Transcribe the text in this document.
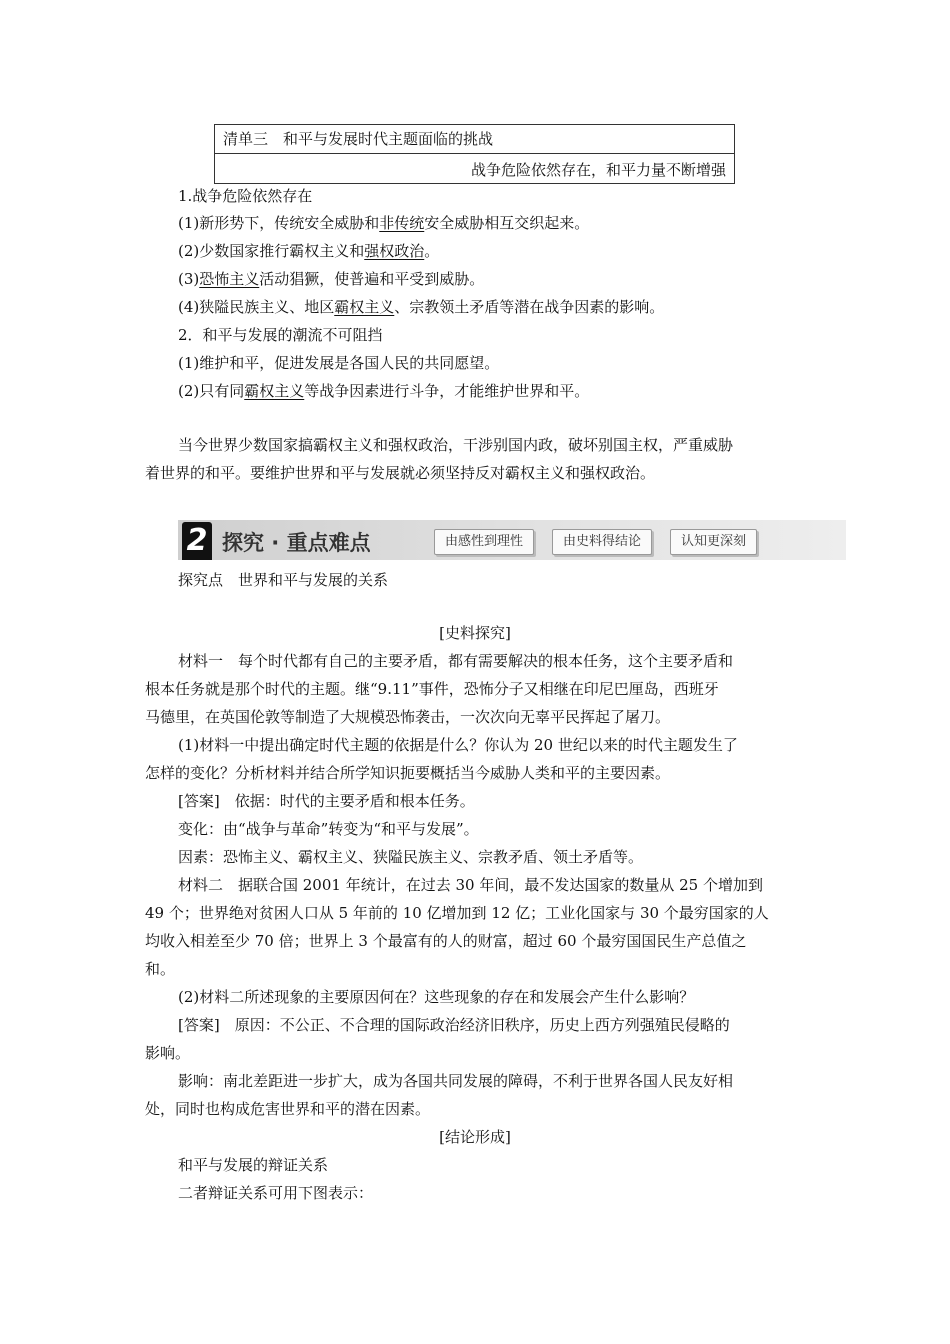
清单三　和平与发展时代主题面临的挑战
战争危险依然存在，和平力量不断增强
1.战争危险依然存在
(1)新形势下，传统安全威胁和非传统安全威胁相互交织起来。
(2)少数国家推行霸权主义和强权政治。
(3)恐怖主义活动猖獗，使普遍和平受到威胁。
(4)狭隘民族主义、地区霸权主义、宗教领土矛盾等潜在战争因素的影响。
2．和平与发展的潮流不可阻挡
(1)维护和平，促进发展是各国人民的共同愿望。
(2)只有同霸权主义等战争因素进行斗争，才能维护世界和平。
当今世界少数国家搞霸权主义和强权政治，干涉别国内政，破坏别国主权，严重威胁
着世界的和平。要维护世界和平与发展就必须坚持反对霸权主义和强权政治。
2 探究 · 重点难点	由感性到理性	由史料得结论	认知更深刻
探究点　世界和平与发展的关系
[史料探究]
材料一　每个时代都有自己的主要矛盾，都有需要解决的根本任务，这个主要矛盾和
根本任务就是那个时代的主题。继“9.11”事件，恐怖分子又相继在印尼巴厘岛，西班牙
马德里，在英国伦敦等制造了大规模恐怖袭击，一次次向无辜平民挥起了屠刀。
(1)材料一中提出确定时代主题的依据是什么？你认为 20 世纪以来的时代主题发生了
怎样的变化？分析材料并结合所学知识扼要概括当今威胁人类和平的主要因素。
[答案]　依据：时代的主要矛盾和根本任务。
变化：由“战争与革命”转变为“和平与发展”。
因素：恐怖主义、霸权主义、狭隘民族主义、宗教矛盾、领土矛盾等。
材料二　据联合国 2001 年统计，在过去 30 年间，最不发达国家的数量从 25 个增加到
49 个；世界绝对贫困人口从 5 年前的 10 亿增加到 12 亿；工业化国家与 30 个最穷国家的人
均收入相差至少 70 倍；世界上 3 个最富有的人的财富，超过 60 个最穷国国民生产总值之
和。
(2)材料二所述现象的主要原因何在？这些现象的存在和发展会产生什么影响？
[答案]　原因：不公正、不合理的国际政治经济旧秩序，历史上西方列强殖民侵略的
影响。
影响：南北差距进一步扩大，成为各国共同发展的障碍，不利于世界各国人民友好相
处，同时也构成危害世界和平的潜在因素。
[结论形成]
和平与发展的辩证关系
二者辩证关系可用下图表示：
